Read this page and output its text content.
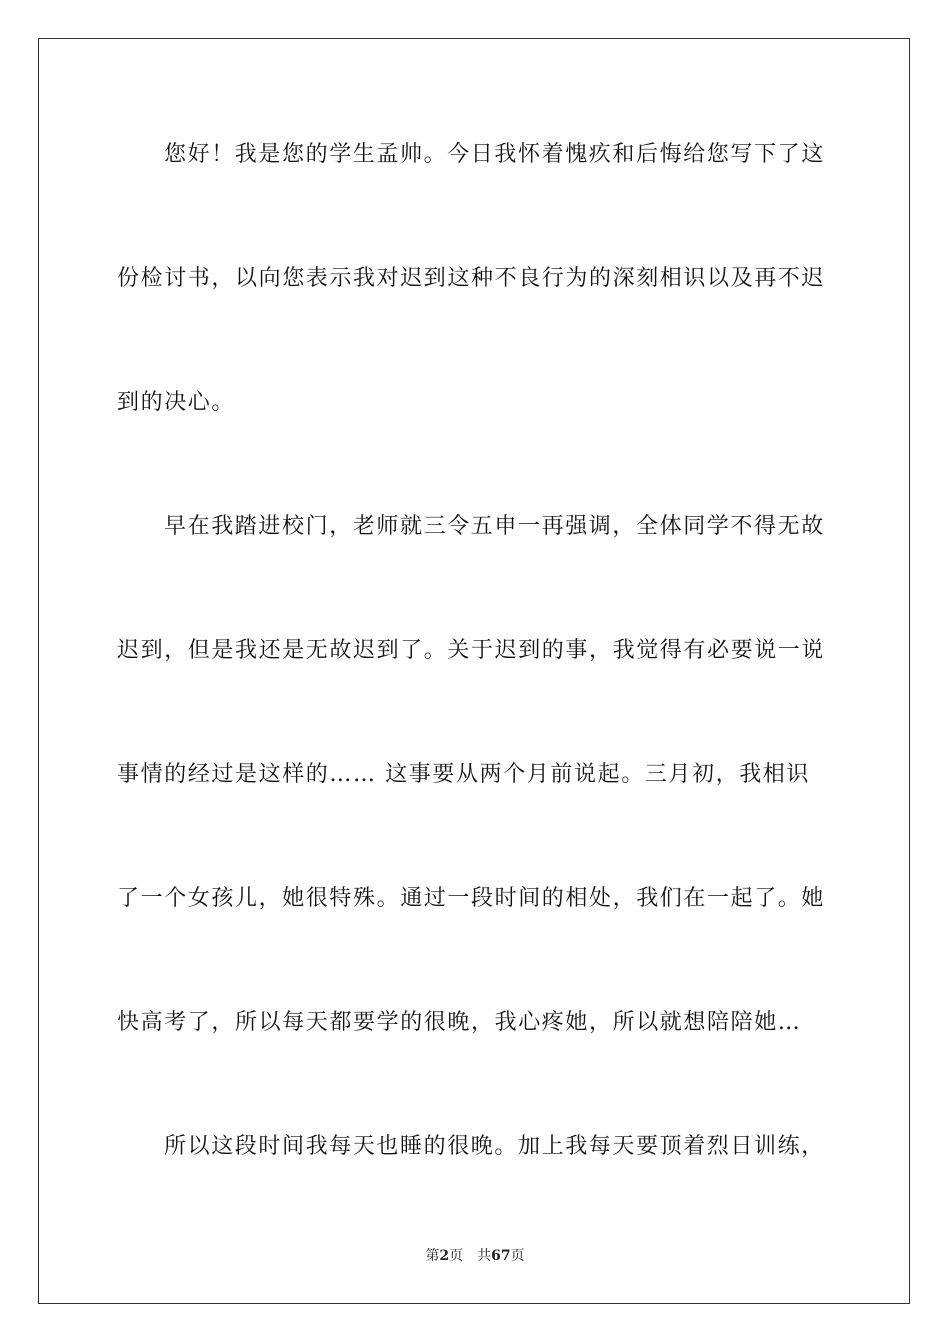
您好！我是您的学生孟帅。今日我怀着愧疚和后悔给您写下了这
份检讨书，以向您表示我对迟到这种不良行为的深刻相识以及再不迟
到的决心。
早在我踏进校门，老师就三令五申一再强调，全体同学不得无故
迟到，但是我还是无故迟到了。关于迟到的事，我觉得有必要说一说
事情的经过是这样的…… 这事要从两个月前说起。三月初，我相识
了一个女孩儿，她很特殊。通过一段时间的相处，我们在一起了。她
快高考了，所以每天都要学的很晚，我心疼她，所以就想陪陪她…
所以这段时间我每天也睡的很晚。加上我每天要顶着烈日训练，
第2页 共67页
